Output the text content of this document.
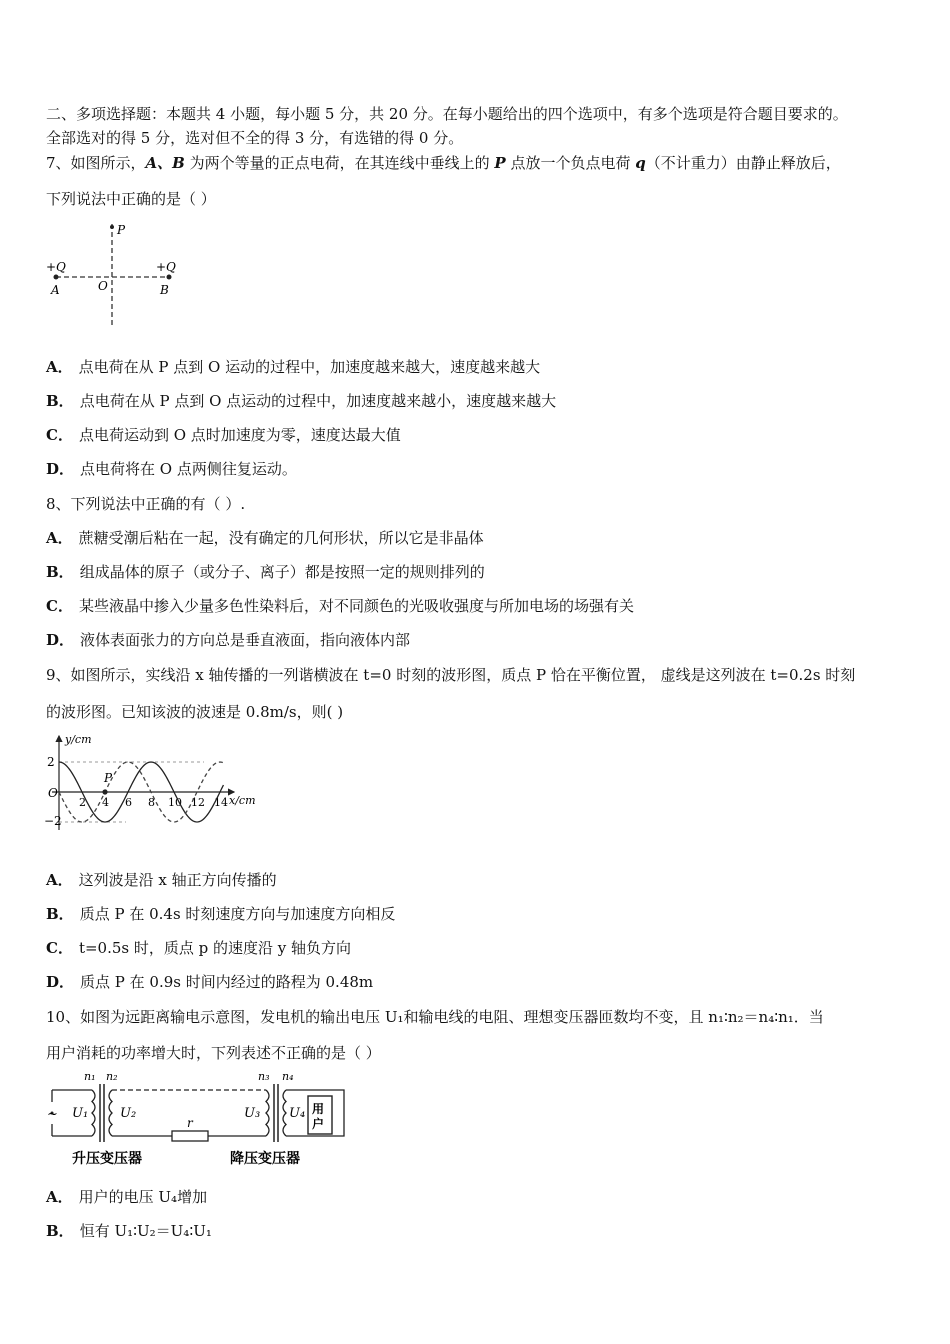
二、多项选择题：本题共 4 小题，每小题 5 分，共 20 分。在每小题给出的四个选项中，有多个选项是符合题目要求的。
全部选对的得 5 分，选对但不全的得 3 分，有选错的得 0 分。
7、如图所示，A、B 为两个等量的正点电荷，在其连线中垂线上的 P 点放一个负点电荷 q（不计重力）由静止释放后，
下列说法中正确的是（ ）
P
+Q	+Q
A	O	B
A． 点电荷在从 P 点到 O 运动的过程中，加速度越来越大，速度越来越大
B． 点电荷在从 P 点到 O 点运动的过程中，加速度越来越小，速度越来越大
C． 点电荷运动到 O 点时加速度为零，速度达最大值
D． 点电荷将在 O 点两侧往复运动。
8、下列说法中正确的有（ ）.
A． 蔗糖受潮后粘在一起，没有确定的几何形状，所以它是非晶体
B． 组成晶体的原子（或分子、离子）都是按照一定的规则排列的
C． 某些液晶中掺入少量多色性染料后，对不同颜色的光吸收强度与所加电场的场强有关
D． 液体表面张力的方向总是垂直液面，指向液体内部
9、如图所示，实线沿 x 轴传播的一列谐横波在 t=0 时刻的波形图，质点 P 恰在平衡位置， 虚线是这列波在 t=0.2s 时刻
的波形图。已知该波的波速是 0.8m/s，则( )
y/cm
x/cm
O
2
−2
2 4 6 8 10 12 14
P
A． 这列波是沿 x 轴正方向传播的
B． 质点 P 在 0.4s 时刻速度方向与加速度方向相反
C． t=0.5s 时，质点 p 的速度沿 y 轴负方向
D． 质点 P 在 0.9s 时间内经过的路程为 0.48m
10、如图为远距离输电示意图，发电机的输出电压 U₁和输电线的电阻、理想变压器匝数均不变，且 n₁∶n₂＝n₄∶n₁．当
用户消耗的功率增大时，下列表述不正确的是（ ）
~
r
用户
n₁ n₂	n₃ n₄
U₁ U₂	U₃ U₄
升压变压器	降压变压器
A． 用户的电压 U₄增加
B． 恒有 U₁∶U₂＝U₄∶U₁
